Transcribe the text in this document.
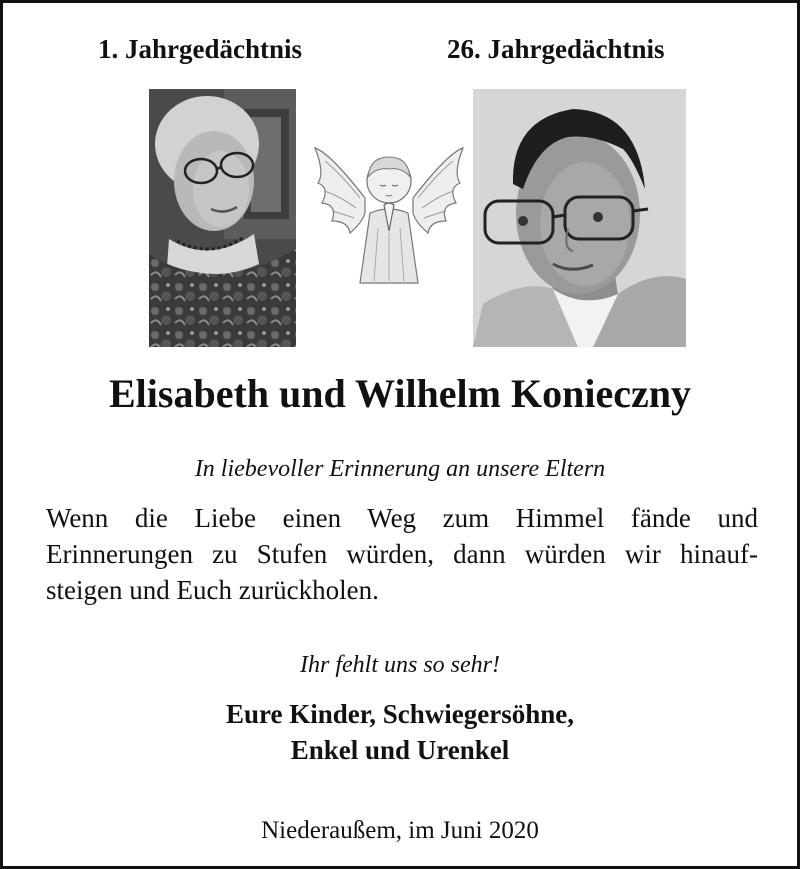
1. Jahrgedächtnis	26. Jahrgedächtnis
Elisabeth und Wilhelm Konieczny
In liebevoller Erinnerung an unsere Eltern
Wenn die Liebe einen Weg zum Himmel fände und
Erinnerungen zu Stufen würden, dann würden wir hinauf-
steigen und Euch zurückholen.
Ihr fehlt uns so sehr!
Eure Kinder, Schwiegersöhne,
Enkel und Urenkel
Niederaußem, im Juni 2020
